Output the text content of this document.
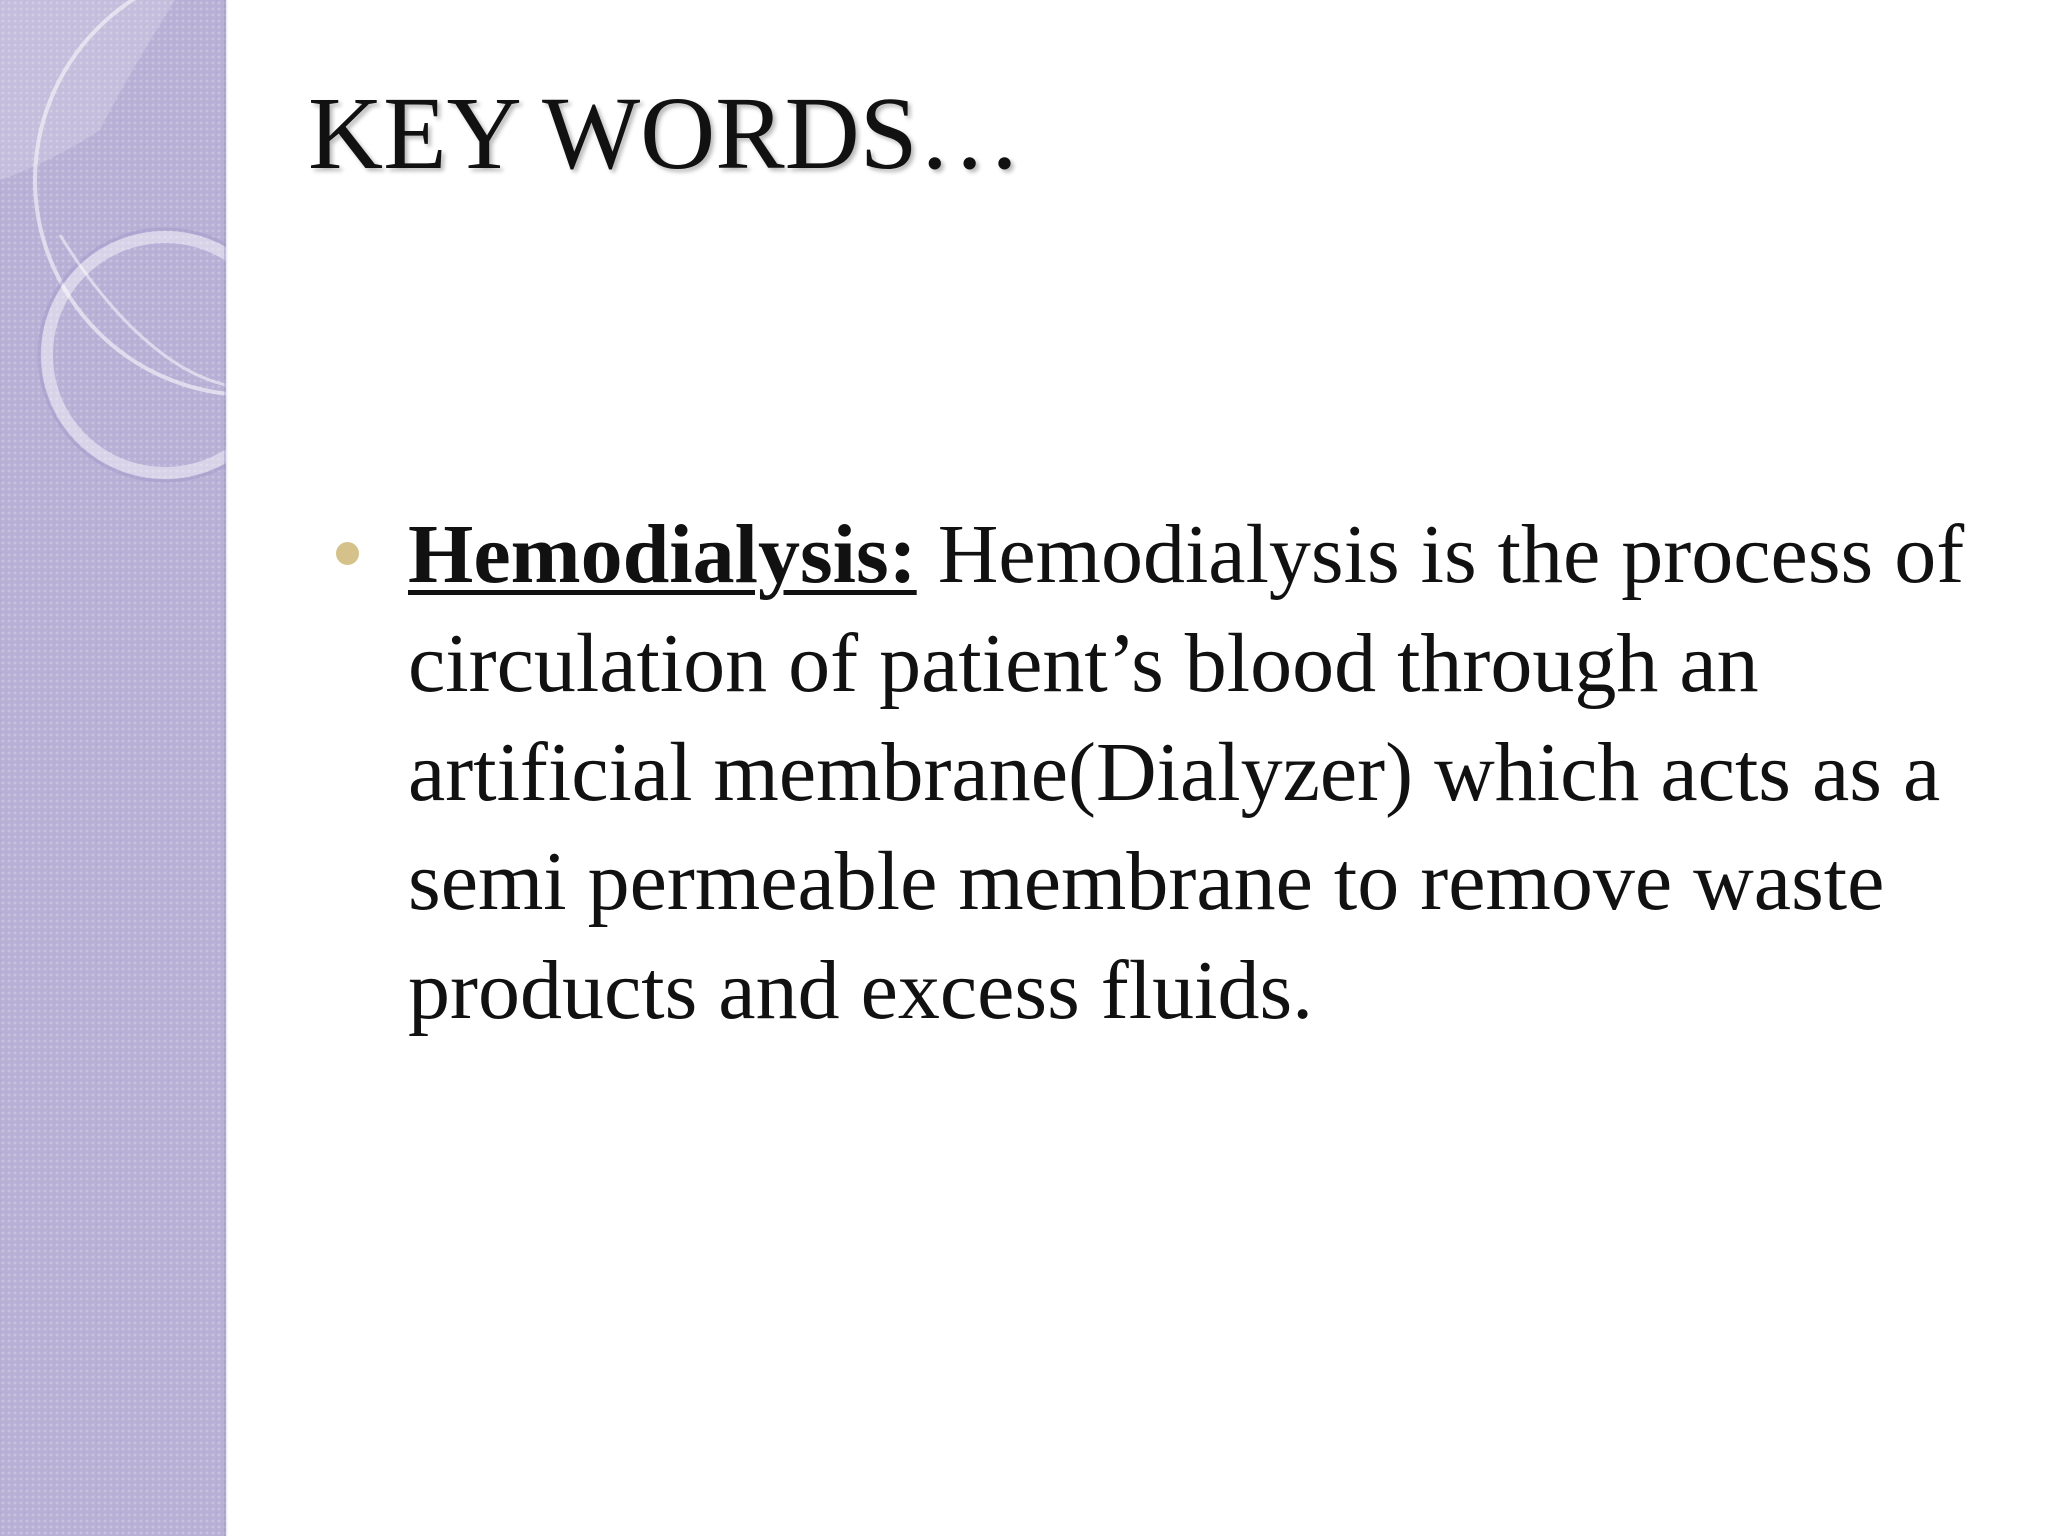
KEY WORDS…
Hemodialysis: Hemodialysis is the process of circulation of patient’s blood through an artificial membrane(Dialyzer) which acts as a semi permeable membrane to remove waste products and excess fluids.
